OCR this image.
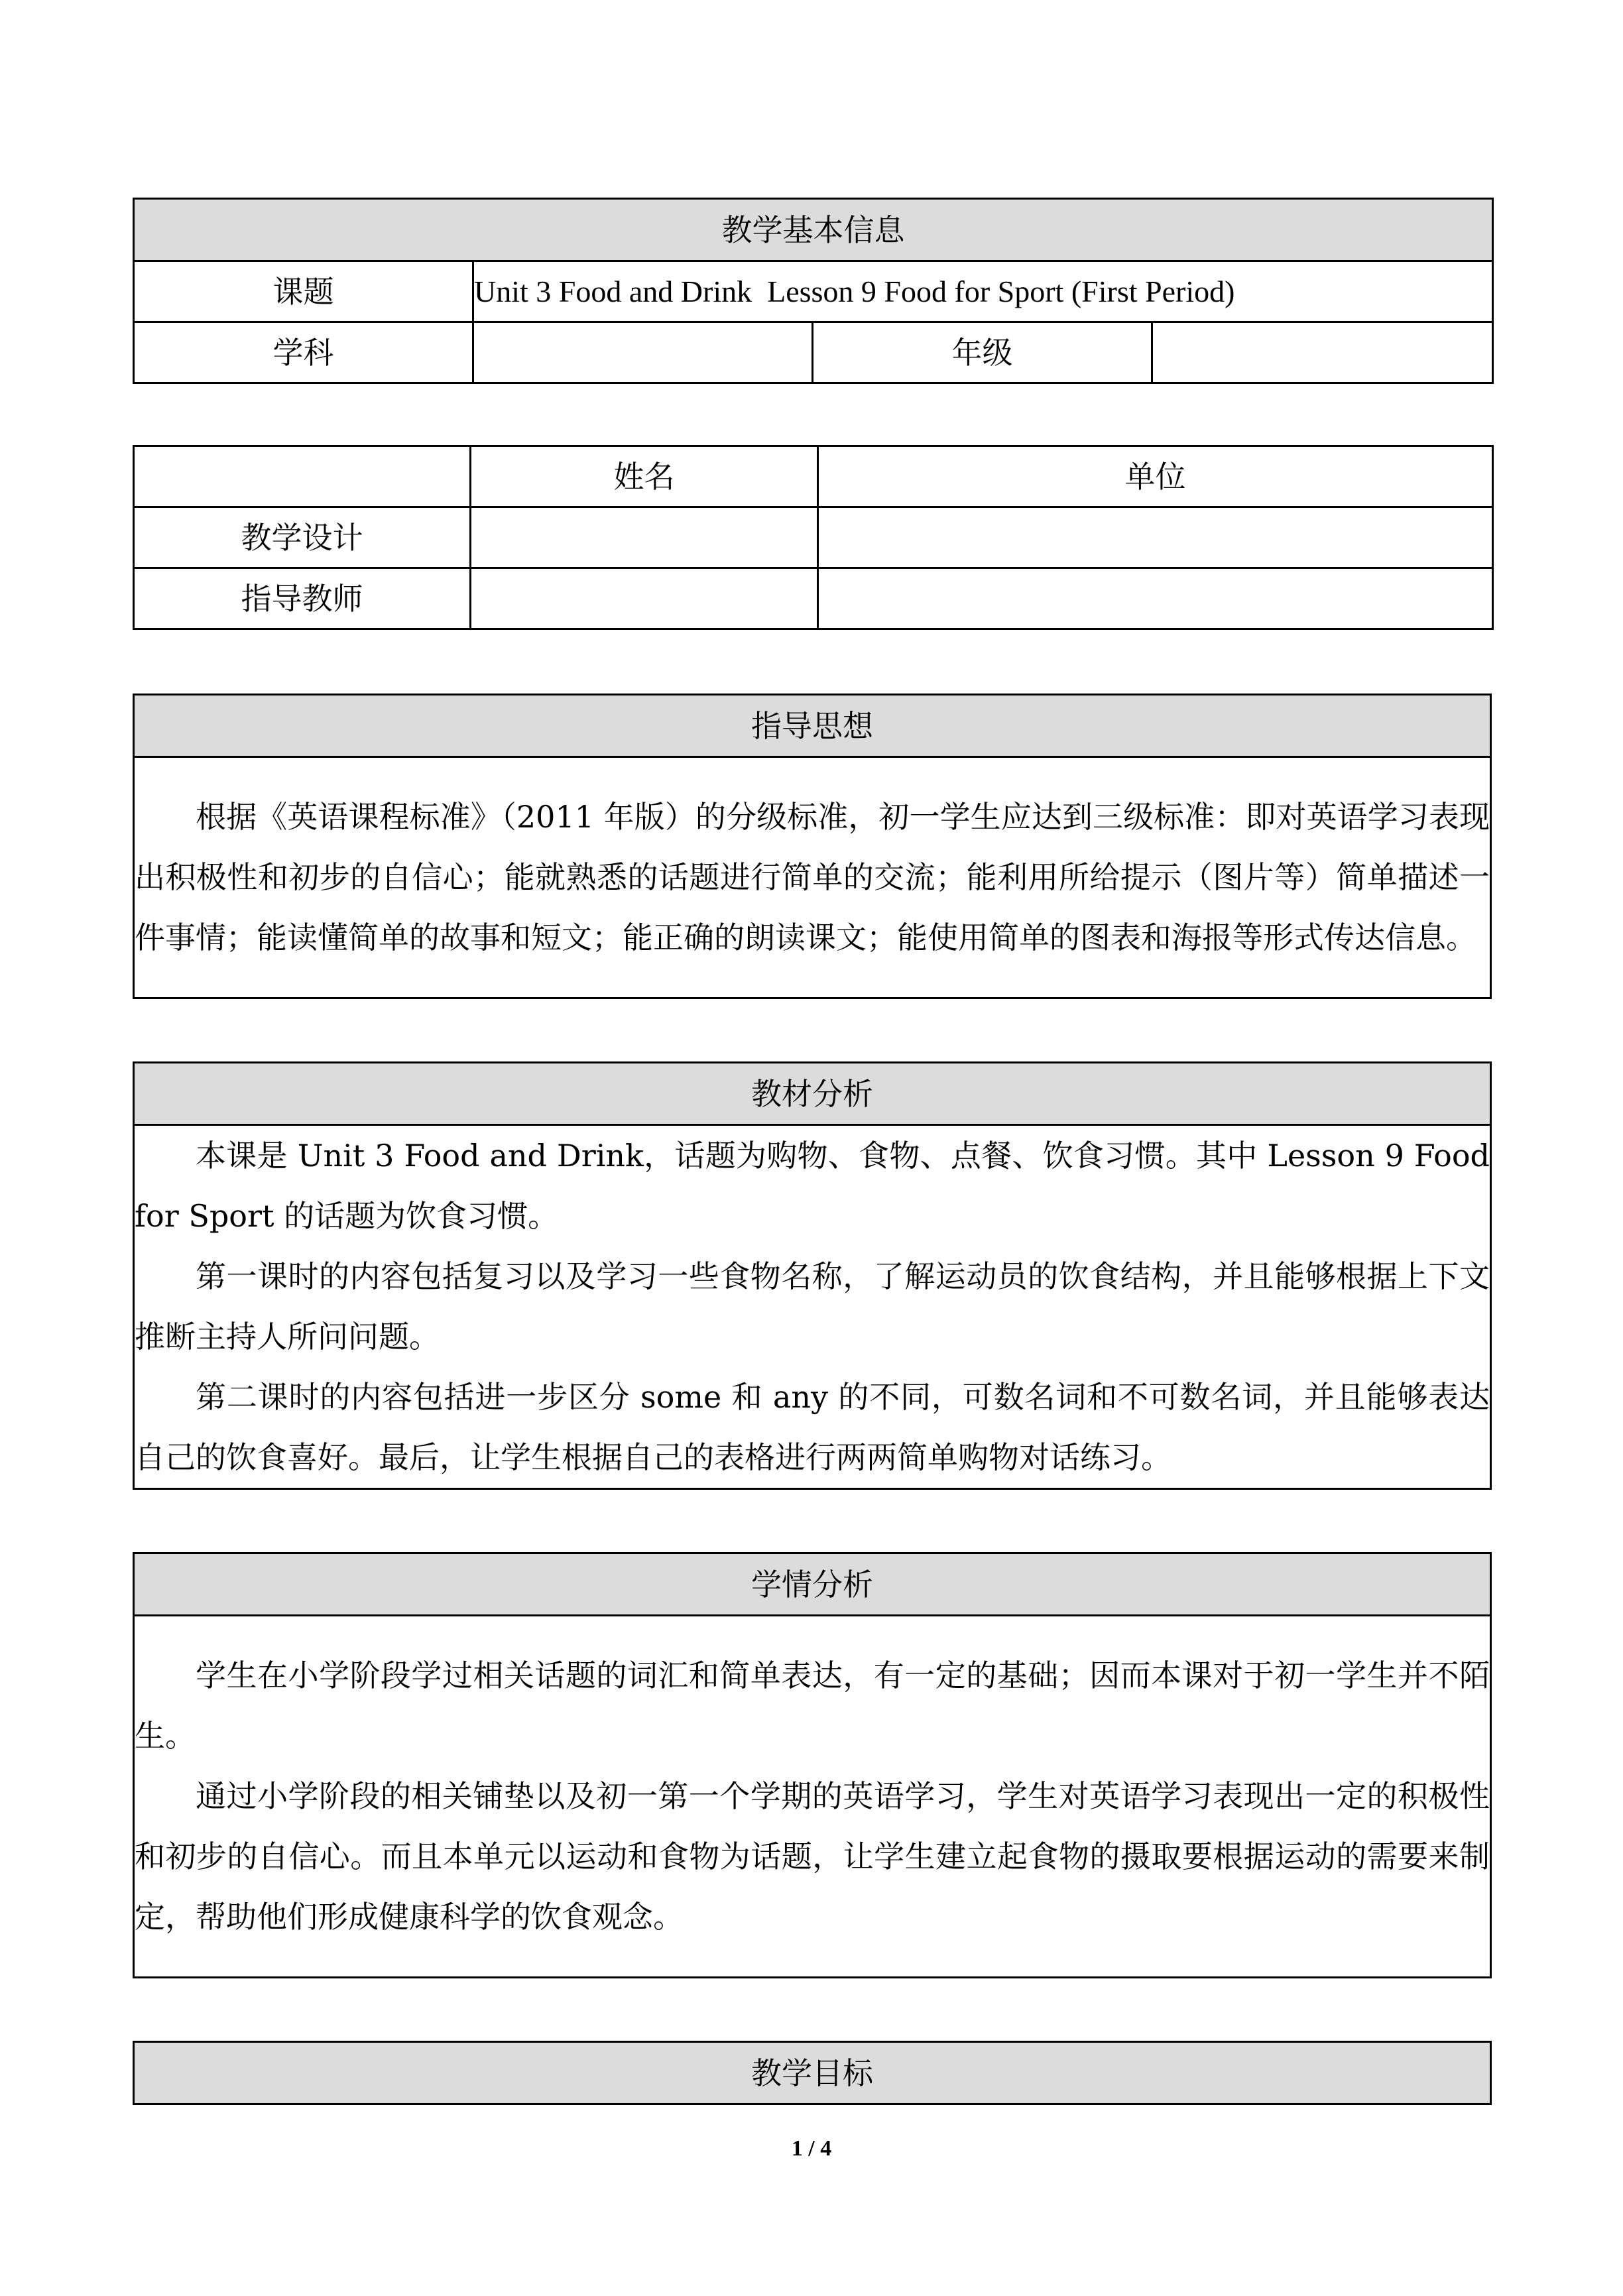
教学基本信息			
课题	Unit 3 Food and Drink  Lesson 9 Food for Sport (First Period)		
学科		年级	
	姓名	单位
教学设计		
指导教师		
指导思想

根据《英语课程标准》（2011 年版）的分级标准，初一学生应达到三级标准：即对英语学习表现出积极性和初步的自信心；能就熟悉的话题进行简单的交流；能利用所给提示（图片等）简单描述一件事情；能读懂简单的故事和短文；能正确的朗读课文；能使用简单的图表和海报等形式传达信息。

教材分析

本课是 Unit 3 Food and Drink，话题为购物、食物、点餐、饮食习惯。其中 Lesson 9 Food for Sport 的话题为饮食习惯。

第一课时的内容包括复习以及学习一些食物名称，了解运动员的饮食结构，并且能够根据上下文推断主持人所问问题。

第二课时的内容包括进一步区分 some 和 any 的不同，可数名词和不可数名词，并且能够表达自己的饮食喜好。最后，让学生根据自己的表格进行两两简单购物对话练习。

学情分析

学生在小学阶段学过相关话题的词汇和简单表达，有一定的基础；因而本课对于初一学生并不陌生。

通过小学阶段的相关铺垫以及初一第一个学期的英语学习，学生对英语学习表现出一定的积极性和初步的自信心。而且本单元以运动和食物为话题，让学生建立起食物的摄取要根据运动的需要来制定，帮助他们形成健康科学的饮食观念。

教学目标
1 / 4
